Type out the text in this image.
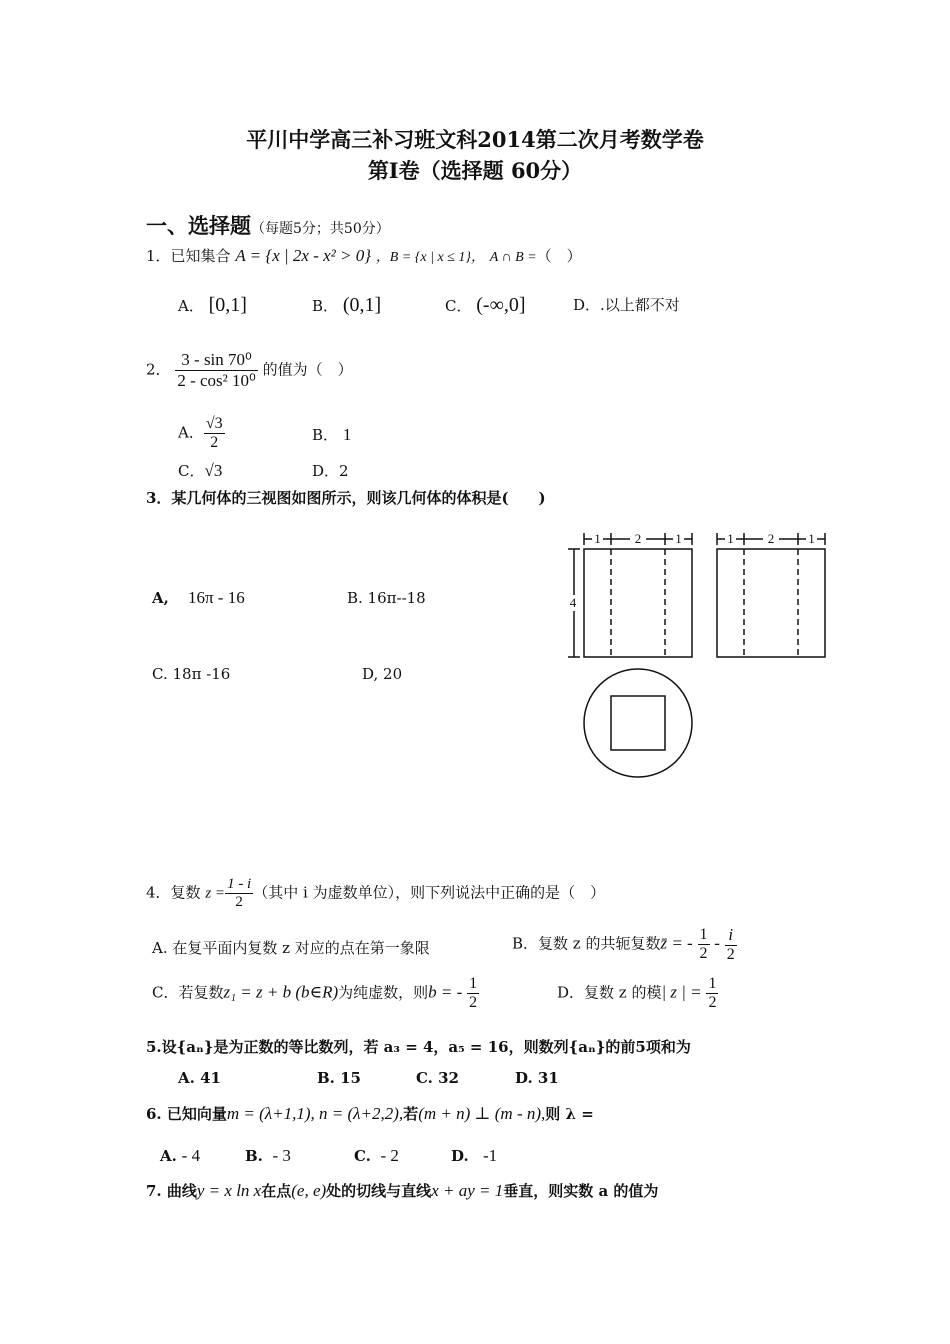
平川中学高三补习班文科2014第二次月考数学卷
第Ⅰ卷（选择题 60分）
一、选择题（每题5分；共50分）
1．已知集合 A = {x | 2x - x² > 0} ，B = {x | x ≤ 1}， A ∩ B =（　）
A． [0,1]	B． (0,1]	C． (-∞,0]	D．.以上都不对
2． $\frac{\text{3 - sin 70⁰}}{\text{2 - cos² 10⁰}}$ 的值为（　）
A． $\frac{√3}{2}$	B． 1
C．√3	D．2
3．某几何体的三视图如图所示，则该几何体的体积是(　　)
A, 16π - 16	B. 16π--18
C. 18π -16	D, 20
1	2	1	1	2	1
4
4．复数 $z = \frac{1 - i}{2}$ （其中 i 为虚数单位），则下列说法中正确的是（　）
A. 在复平面内复数 z 对应的点在第一象限	B．复数 z 的共轭复数z̄ = - $\frac{1}{2} - \frac{i}{2}$
C．若复数z₁ = z + b (b∈R)为纯虚数，则b = - $\frac{1}{2}$	D．复数 z 的模| z | = $\frac{1}{2}$
5.设{aₙ}是为正数的等比数列，若 a₃ = 4，a₅ = 16，则数列{aₙ}的前5项和为
A. 41	B. 15	C. 32	D. 31
6. 已知向量m = (λ+1,1), n = (λ+2,2),若(m + n) ⊥ (m - n),则 λ =
A. - 4	B. - 3	C. - 2	D. -1
7. 曲线y = x ln x在点(e, e)处的切线与直线x + ay = 1垂直，则实数 a 的值为
